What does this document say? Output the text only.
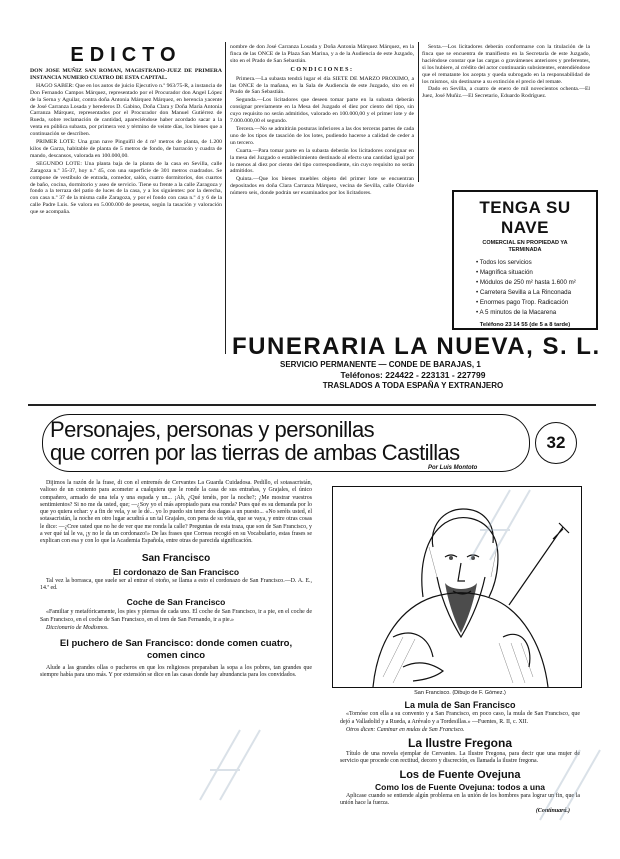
EDICTO

DON JOSE MUÑIZ SAN ROMAN, MAGISTRADO-JUEZ DE PRIMERA INSTANCIA NUMERO CUATRO DE ESTA CAPITAL.

HAGO SABER: Que en los autos de juicio Ejecutivo n.º 963/75-R, a instancia de Don Fernando Campos Márquez, representado por el Procurador don Angel López de la Serna y Aguilar, contra doña Antonia Márquez Márquez, en herencia yacente de José Carranza Losada y herederos D. Gabino, Doña Clara y Doña María Antonia Carranza Márquez, representados por el Procurador don Manuel Gutiérrez de Rueda, sobre reclamación de cantidad, apareciéndose haber acordado sacar a la venta en pública subasta, por primera vez y término de veinte días, los bienes que a continuación se describen.

PRIMER LOTE: Una gran nave Pinguifil de 4 m² metros de planta, de 1.200 kilos de Garza, habitable de planta de 5 metros de fondo, de barracón y cuadra de mando, descansos, valorada en 100.000,00.

SEGUNDO LOTE: Una planta baja de la planta de la casa en Sevilla, calle Zaragoza n.º 35-37, hoy n.º 45, con una superficie de 301 metros cuadrados. Se compone de vestíbulo de entrada, comedor, salón, cuatro dormitorios, dos cuartos de baño, cocina, dormitorio y aseo de servicio. Tiene su frente a la calle Zaragoza y fondo a la terraza del patio de luces de la casa, y a los siguientes: por la derecha, con casa n.º 37 de la misma calle Zaragoza, y por el fondo con casa n.º 4 y 6 de la calle Padre Luis. Se valora en 5.000.000 de pesetas, según la tasación y valoración que se acompaña.

nombre de don José Carranza Losada y Doña Antonia Márquez Márquez, en la finca de las ONCE de la Plaza San Marina, y a de la Audiencia de este Juzgado, sito en el Prado de San Sebastián.

CONDICIONES:

Primera.—La subasta tendrá lugar el día SIETE DE MARZO PROXIMO, a las ONCE de la mañana, en la Sala de Audiencia de este Juzgado, sito en el Prado de San Sebastián.

Segunda.—Los licitadores que deseen tomar parte en la subasta deberán consignar previamente en la Mesa del Juzgado el diez por ciento del tipo, sin cuyo requisito no serán admitidos, valorado en 100.000,00 y el primer lote y de 7.000.000,00 el segundo.

Tercera.—No se admitirán posturas inferiores a las dos terceras partes de cada uno de los tipos de tasación de los lotes, pudiendo hacerse a calidad de ceder a un tercero.

Cuarta.—Para tomar parte en la subasta deberán los licitadores consignar en la mesa del Juzgado o establecimiento destinado al efecto una cantidad igual por lo menos al diez por ciento del tipo correspondiente, sin cuyo requisito no serán admitidos.

Quinta.—Que los bienes muebles objeto del primer lote se encuentran depositados en doña Clara Carranza Márquez, vecina de Sevilla, calle Olavide número seis, donde podrán ser examinados por los licitadores.

Sexta.—Los licitadores deberán conformarse con la titulación de la finca que se encuentra de manifiesto en la Secretaría de este Juzgado, haciéndose constar que las cargas o gravámenes anteriores y preferentes, si los hubiere, al crédito del actor continuarán subsistentes, entendiéndose que el rematante los acepta y queda subrogado en la responsabilidad de los mismos, sin destinarse a su extinción el precio del remate.

Dado en Sevilla, a cuatro de enero de mil novecientos ochenta.—El Juez, José Muñiz.—El Secretario, Eduardo Rodríguez.

TENGA SU NAVE
COMERCIAL EN PROPIEDAD YA TERMINADA
• Todos los servicios
• Magnífica situación
• Módulos de 250 m² hasta 1.600 m²
• Carretera Sevilla a La Rinconada
• Enormes pago Trop. Radicación
• A 5 minutos de la Macarena
Teléfono 23 14 55 (de 5 a 8 tarde)
FUNERARIA LA NUEVA, S. L.
SERVICIO PERMANENTE — CONDE DE BARAJAS, 1
Teléfonos: 224422 - 223131 - 227799
TRASLADOS A TODA ESPAÑA Y EXTRANJERO
Personajes, personas y personillas
que corren por las tierras de ambas Castillas	32
Por Luis Montoto

Dijimos la razón de la frase, di con el entremés de Cervantes La Guarda Cuidadosa. Pedillo, el sotasacristán, valioso de un contento para acometer a cualquiera que le ronde la casa de sus entrañas, y Grajales, el único compañero, armado de una tela y una espada y un... ¡Ah, ¿Qué tenéis, por la noche?; ¿Me mostrar vuestros sentimientos? Si no me da usted, que; —¿Soy yo el más apropiado para esa ronda? Pues qué es su demanda por lo que yo quiera echar: y a fin de vela, y se le dé... yo lo puedo sin tener dos dagas a un puesto... «No seréis usted, el sotasacristán, la noche en otro lugar acudirá a un tal Grajales, con pena de su vida, que se vaya, y entre otras cosas le dice: —¿Cree usted que no he de ver que me ronda la calle? Preguntas de esta traza, que son de San Francisco, y a ver qué tal le va, ¡y no le da un cordonazo!» De las frases que Correas recogió en su Vocabulario, estas frases se explican con esa y con lo que la Academia Española, entre otras de parecida significación.

San Francisco
El cordonazo de San Francisco

Tal vez la borrasca, que suele ser al entrar el otoño, se llama a esto el cordonazo de San Francisco.—D. A. E., 14.ª ed.

Coche de San Francisco

«Familiar y metafóricamente, los pies y piernas de cada uno. El coche de San Francisco, ir a pie, en el coche de San Francisco, en el coche de San Francisco, en el tren de San Fernando, ir a pie.»

Diccionario de Modismos.

El puchero de San Francisco: donde comen cuatro, comen cinco

Alude a las grandes ollas o pucheros en que los religiosos preparaban la sopa a los pobres, tan grandes que siempre había para uno más. Y por extensión se dice en las casas donde hay abundancia para los convidados.

San Francisco. (Dibujo de F. Gómez.)
La mula de San Francisco

«Tornóse con ella a su convento y a San Francisco, en poco caso, la mula de San Francisco, que dejó a Valladolid y a Rueda, a Arévalo y a Tordesillas.» —Fuentes, R. II, c. XII.

Otros dicen: Caminar en mulas de San Francisco.

La Ilustre Fregona

Título de una novela ejemplar de Cervantes. La Ilustre Fregona, para decir que una mujer de servicio que procede con rectitud, decoro y discreción, es llamada la ilustre fregona.

Los de Fuente Ovejuna
Como los de Fuente Ovejuna: todos a una

Aplicase cuando se entiende algún problema en la unión de los hombres para lograr un fin, que la unión hace la fuerza.

(Continuará.)
